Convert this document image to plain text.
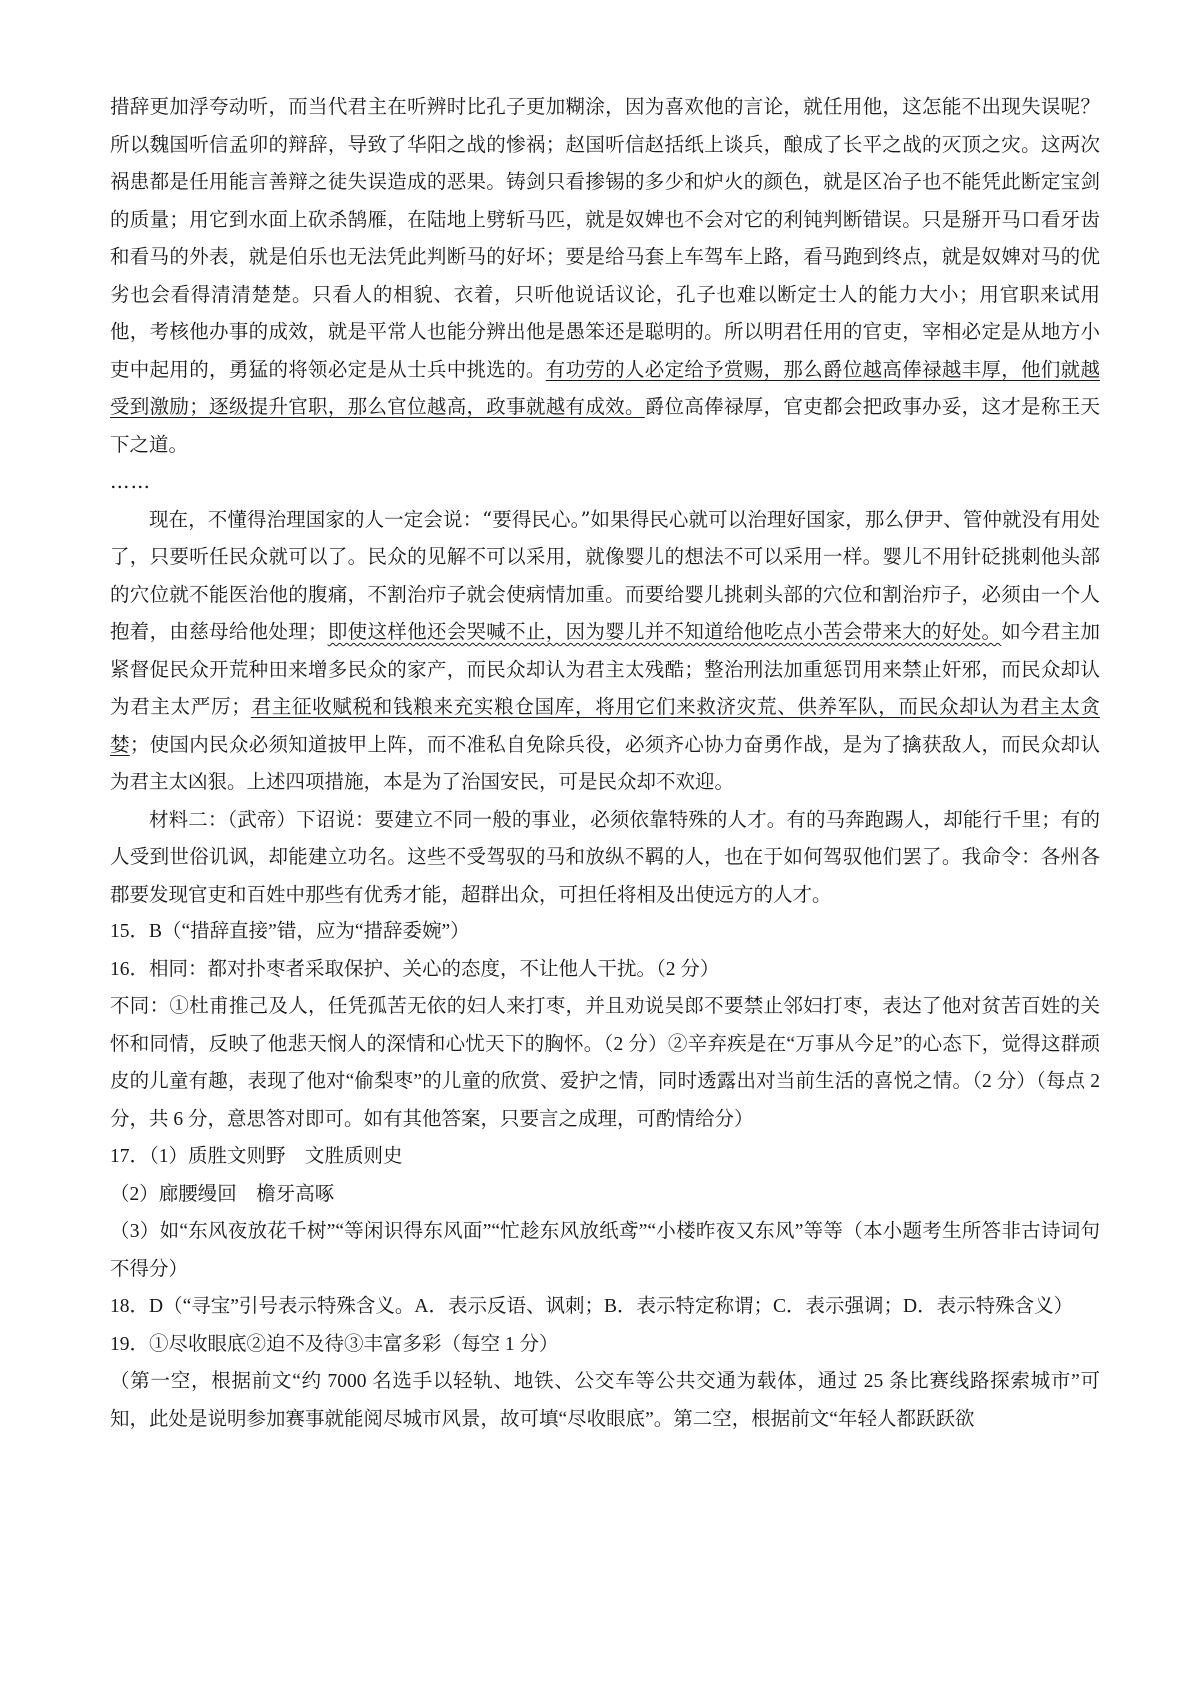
措辞更加浮夸动听，而当代君主在听辨时比孔子更加糊涂，因为喜欢他的言论，就任用他，这怎能不出现失误呢？所以魏国听信孟卯的辩辞，导致了华阳之战的惨祸；赵国听信赵括纸上谈兵，酿成了长平之战的灭顶之灾。这两次祸患都是任用能言善辩之徒失误造成的恶果。铸剑只看掺锡的多少和炉火的颜色，就是区冶子也不能凭此断定宝剑的质量；用它到水面上砍杀鹄雁，在陆地上劈斩马匹，就是奴婢也不会对它的利钝判断错误。只是掰开马口看牙齿和看马的外表，就是伯乐也无法凭此判断马的好坏；要是给马套上车驾车上路，看马跑到终点，就是奴婢对马的优劣也会看得清清楚楚。只看人的相貌、衣着，只听他说话议论，孔子也难以断定士人的能力大小；用官职来试用他，考核他办事的成效，就是平常人也能分辨出他是愚笨还是聪明的。所以明君任用的官吏，宰相必定是从地方小吏中起用的，勇猛的将领必定是从士兵中挑选的。有功劳的人必定给予赏赐，那么爵位越高俸禄越丰厚，他们就越受到激励；逐级提升官职，那么官位越高，政事就越有成效。爵位高俸禄厚，官吏都会把政事办妥，这才是称王天下之道。

……

现在，不懂得治理国家的人一定会说：“要得民心。”如果得民心就可以治理好国家，那么伊尹、管仲就没有用处了，只要听任民众就可以了。民众的见解不可以采用，就像婴儿的想法不可以采用一样。婴儿不用针砭挑刺他头部的穴位就不能医治他的腹痛，不割治疖子就会使病情加重。而要给婴儿挑刺头部的穴位和割治疖子，必须由一个人抱着，由慈母给他处理；即使这样他还会哭喊不止，因为婴儿并不知道给他吃点小苦会带来大的好处。如今君主加紧督促民众开荒种田来增多民众的家产，而民众却认为君主太残酷；整治刑法加重惩罚用来禁止奸邪，而民众却认为君主太严厉；君主征收赋税和钱粮来充实粮仓国库，将用它们来救济灾荒、供养军队，而民众却认为君主太贪婪；使国内民众必须知道披甲上阵，而不准私自免除兵役，必须齐心协力奋勇作战，是为了擒获敌人，而民众却认为君主太凶狠。上述四项措施，本是为了治国安民，可是民众却不欢迎。

材料二：（武帝）下诏说：要建立不同一般的事业，必须依靠特殊的人才。有的马奔跑踢人，却能行千里；有的人受到世俗讥讽，却能建立功名。这些不受驾驭的马和放纵不羁的人，也在于如何驾驭他们罢了。我命令：各州各郡要发现官吏和百姓中那些有优秀才能，超群出众，可担任将相及出使远方的人才。

15．B（“措辞直接”错，应为“措辞委婉”）

16．相同：都对扑枣者采取保护、关心的态度，不让他人干扰。（2 分）

不同：①杜甫推己及人，任凭孤苦无依的妇人来打枣，并且劝说吴郎不要禁止邻妇打枣，表达了他对贫苦百姓的关怀和同情，反映了他悲天悯人的深情和心忧天下的胸怀。（2 分）②辛弃疾是在“万事从今足”的心态下，觉得这群顽皮的儿童有趣，表现了他对“偷梨枣”的儿童的欣赏、爱护之情，同时透露出对当前生活的喜悦之情。（2 分）（每点 2 分，共 6 分，意思答对即可。如有其他答案，只要言之成理，可酌情给分）

17．（1）质胜文则野　文胜质则史

（2）廊腰缦回　檐牙高啄

（3）如“东风夜放花千树”“等闲识得东风面”“忙趁东风放纸鸢”“小楼昨夜又东风”等等（本小题考生所答非古诗词句不得分）

18．D（“寻宝”引号表示特殊含义。A．表示反语、讽刺；B．表示特定称谓；C．表示强调；D．表示特殊含义）

19．①尽收眼底②迫不及待③丰富多彩（每空 1 分）

（第一空，根据前文“约 7000 名选手以轻轨、地铁、公交车等公共交通为载体，通过 25 条比赛线路探索城市”可知，此处是说明参加赛事就能阅尽城市风景，故可填“尽收眼底”。第二空，根据前文“年轻人都跃跃欲
